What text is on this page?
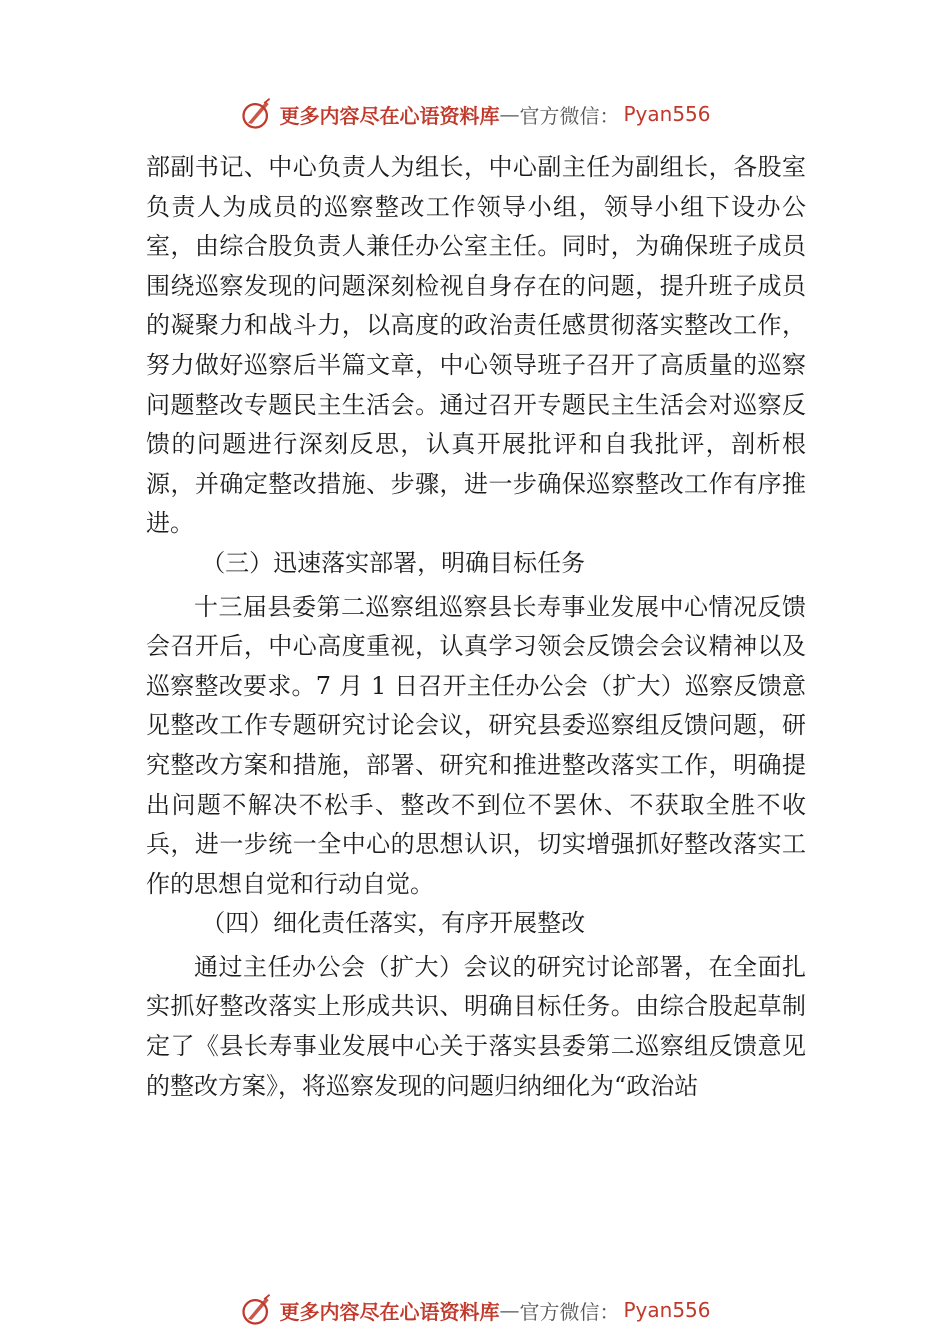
更多内容尽在心语资料库 — 官方微信： Pyan556

部副书记、中心负责人为组长，中心副主任为副组长，各股室负责人为成员的巡察整改工作领导小组，领导小组下设办公室，由综合股负责人兼任办公室主任。同时，为确保班子成员围绕巡察发现的问题深刻检视自身存在的问题，提升班子成员的凝聚力和战斗力，以高度的政治责任感贯彻落实整改工作，努力做好巡察后半篇文章，中心领导班子召开了高质量的巡察问题整改专题民主生活会。通过召开专题民主生活会对巡察反馈的问题进行深刻反思，认真开展批评和自我批评，剖析根源，并确定整改措施、步骤，进一步确保巡察整改工作有序推进。

（三）迅速落实部署，明确目标任务

十三届县委第二巡察组巡察县长寿事业发展中心情况反馈会召开后，中心高度重视，认真学习领会反馈会会议精神以及巡察整改要求。7 月 1 日召开主任办公会（扩大）巡察反馈意见整改工作专题研究讨论会议，研究县委巡察组反馈问题，研究整改方案和措施，部署、研究和推进整改落实工作，明确提出问题不解决不松手、整改不到位不罢休、不获取全胜不收兵，进一步统一全中心的思想认识，切实增强抓好整改落实工作的思想自觉和行动自觉。

（四）细化责任落实，有序开展整改

通过主任办公会（扩大）会议的研究讨论部署，在全面扎实抓好整改落实上形成共识、明确目标任务。由综合股起草制定了《县长寿事业发展中心关于落实县委第二巡察组反馈意见的整改方案》，将巡察发现的问题归纳细化为“政治站

更多内容尽在心语资料库 — 官方微信： Pyan556
